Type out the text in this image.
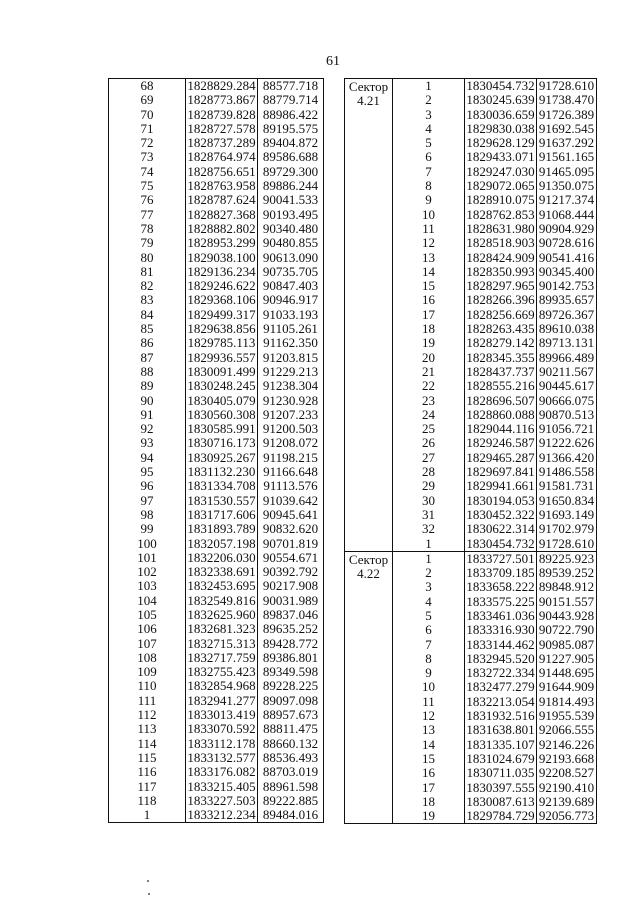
61
68	1828829.284 88577.718
69	1828773.867 88779.714
70	1828739.828 88986.422
71	1828727.578 89195.575
72	1828737.289 89404.872
73	1828764.974 89586.688
74	1828756.651 89729.300
75	1828763.958 89886.244
76	1828787.624 90041.533
77	1828827.368 90193.495
78	1828882.802 90340.480
79	1828953.299 90480.855
80	1829038.100 90613.090
81	1829136.234 90735.705
82	1829246.622 90847.403
83	1829368.106 90946.917
84	1829499.317 91033.193
85	1829638.856 91105.261
86	1829785.113 91162.350
87	1829936.557 91203.815
88	1830091.499 91229.213
89	1830248.245 91238.304
90	1830405.079 91230.928
91	1830560.308 91207.233
92	1830585.991 91200.503
93	1830716.173 91208.072
94	1830925.267 91198.215
95	1831132.230 91166.648
96	1831334.708 91113.576
97	1831530.557 91039.642
98	1831717.606 90945.641
99	1831893.789 90832.620
100	1832057.198 90701.819
101	1832206.030 90554.671
102	1832338.691 90392.792
103	1832453.695 90217.908
104	1832549.816 90031.989
105	1832625.960 89837.046
106	1832681.323 89635.252
107	1832715.313 89428.772
108	1832717.759 89386.801
109	1832755.423 89349.598
110	1832854.968 89228.225
111	1832941.277 89097.098
112	1833013.419 88957.673
113	1833070.592 88811.475
114	1833112.178 88660.132
115	1833132.577 88536.493
116	1833176.082 88703.019
117	1833215.405 88961.598
118	1833227.503 89222.885
1	1833212.234 89484.016
Сектор
4.21
1	1830454.732 91728.610
2	1830245.639 91738.470
3	1830036.659 91726.389
4	1829830.038 91692.545
5	1829628.129 91637.292
6	1829433.071 91561.165
7	1829247.030 91465.095
8	1829072.065 91350.075
9	1828910.075 91217.374
10	1828762.853 91068.444
11	1828631.980 90904.929
12	1828518.903 90728.616
13	1828424.909 90541.416
14	1828350.993 90345.400
15	1828297.965 90142.753
16	1828266.396 89935.657
17	1828256.669 89726.367
18	1828263.435 89610.038
19	1828279.142 89713.131
20	1828345.355 89966.489
21	1828437.737 90211.567
22	1828555.216 90445.617
23	1828696.507 90666.075
24	1828860.088 90870.513
25	1829044.116 91056.721
26	1829246.587 91222.626
27	1829465.287 91366.420
28	1829697.841 91486.558
29	1829941.661 91581.731
30	1830194.053 91650.834
31	1830452.322 91693.149
32	1830622.314 91702.979
1	1830454.732 91728.610
Сектор
4.22
1	1833727.501 89225.923
2	1833709.185 89539.252
3	1833658.222 89848.912
4	1833575.225 90151.557
5	1833461.036 90443.928
6	1833316.930 90722.790
7	1833144.462 90985.087
8	1832945.520 91227.905
9	1832722.334 91448.695
10	1832477.279 91644.909
11	1832213.054 91814.493
12	1831932.516 91955.539
13	1831638.801 92066.555
14	1831335.107 92146.226
15	1831024.679 92193.668
16	1830711.035 92208.527
17	1830397.555 92190.410
18	1830087.613 92139.689
19	1829784.729 92056.773
